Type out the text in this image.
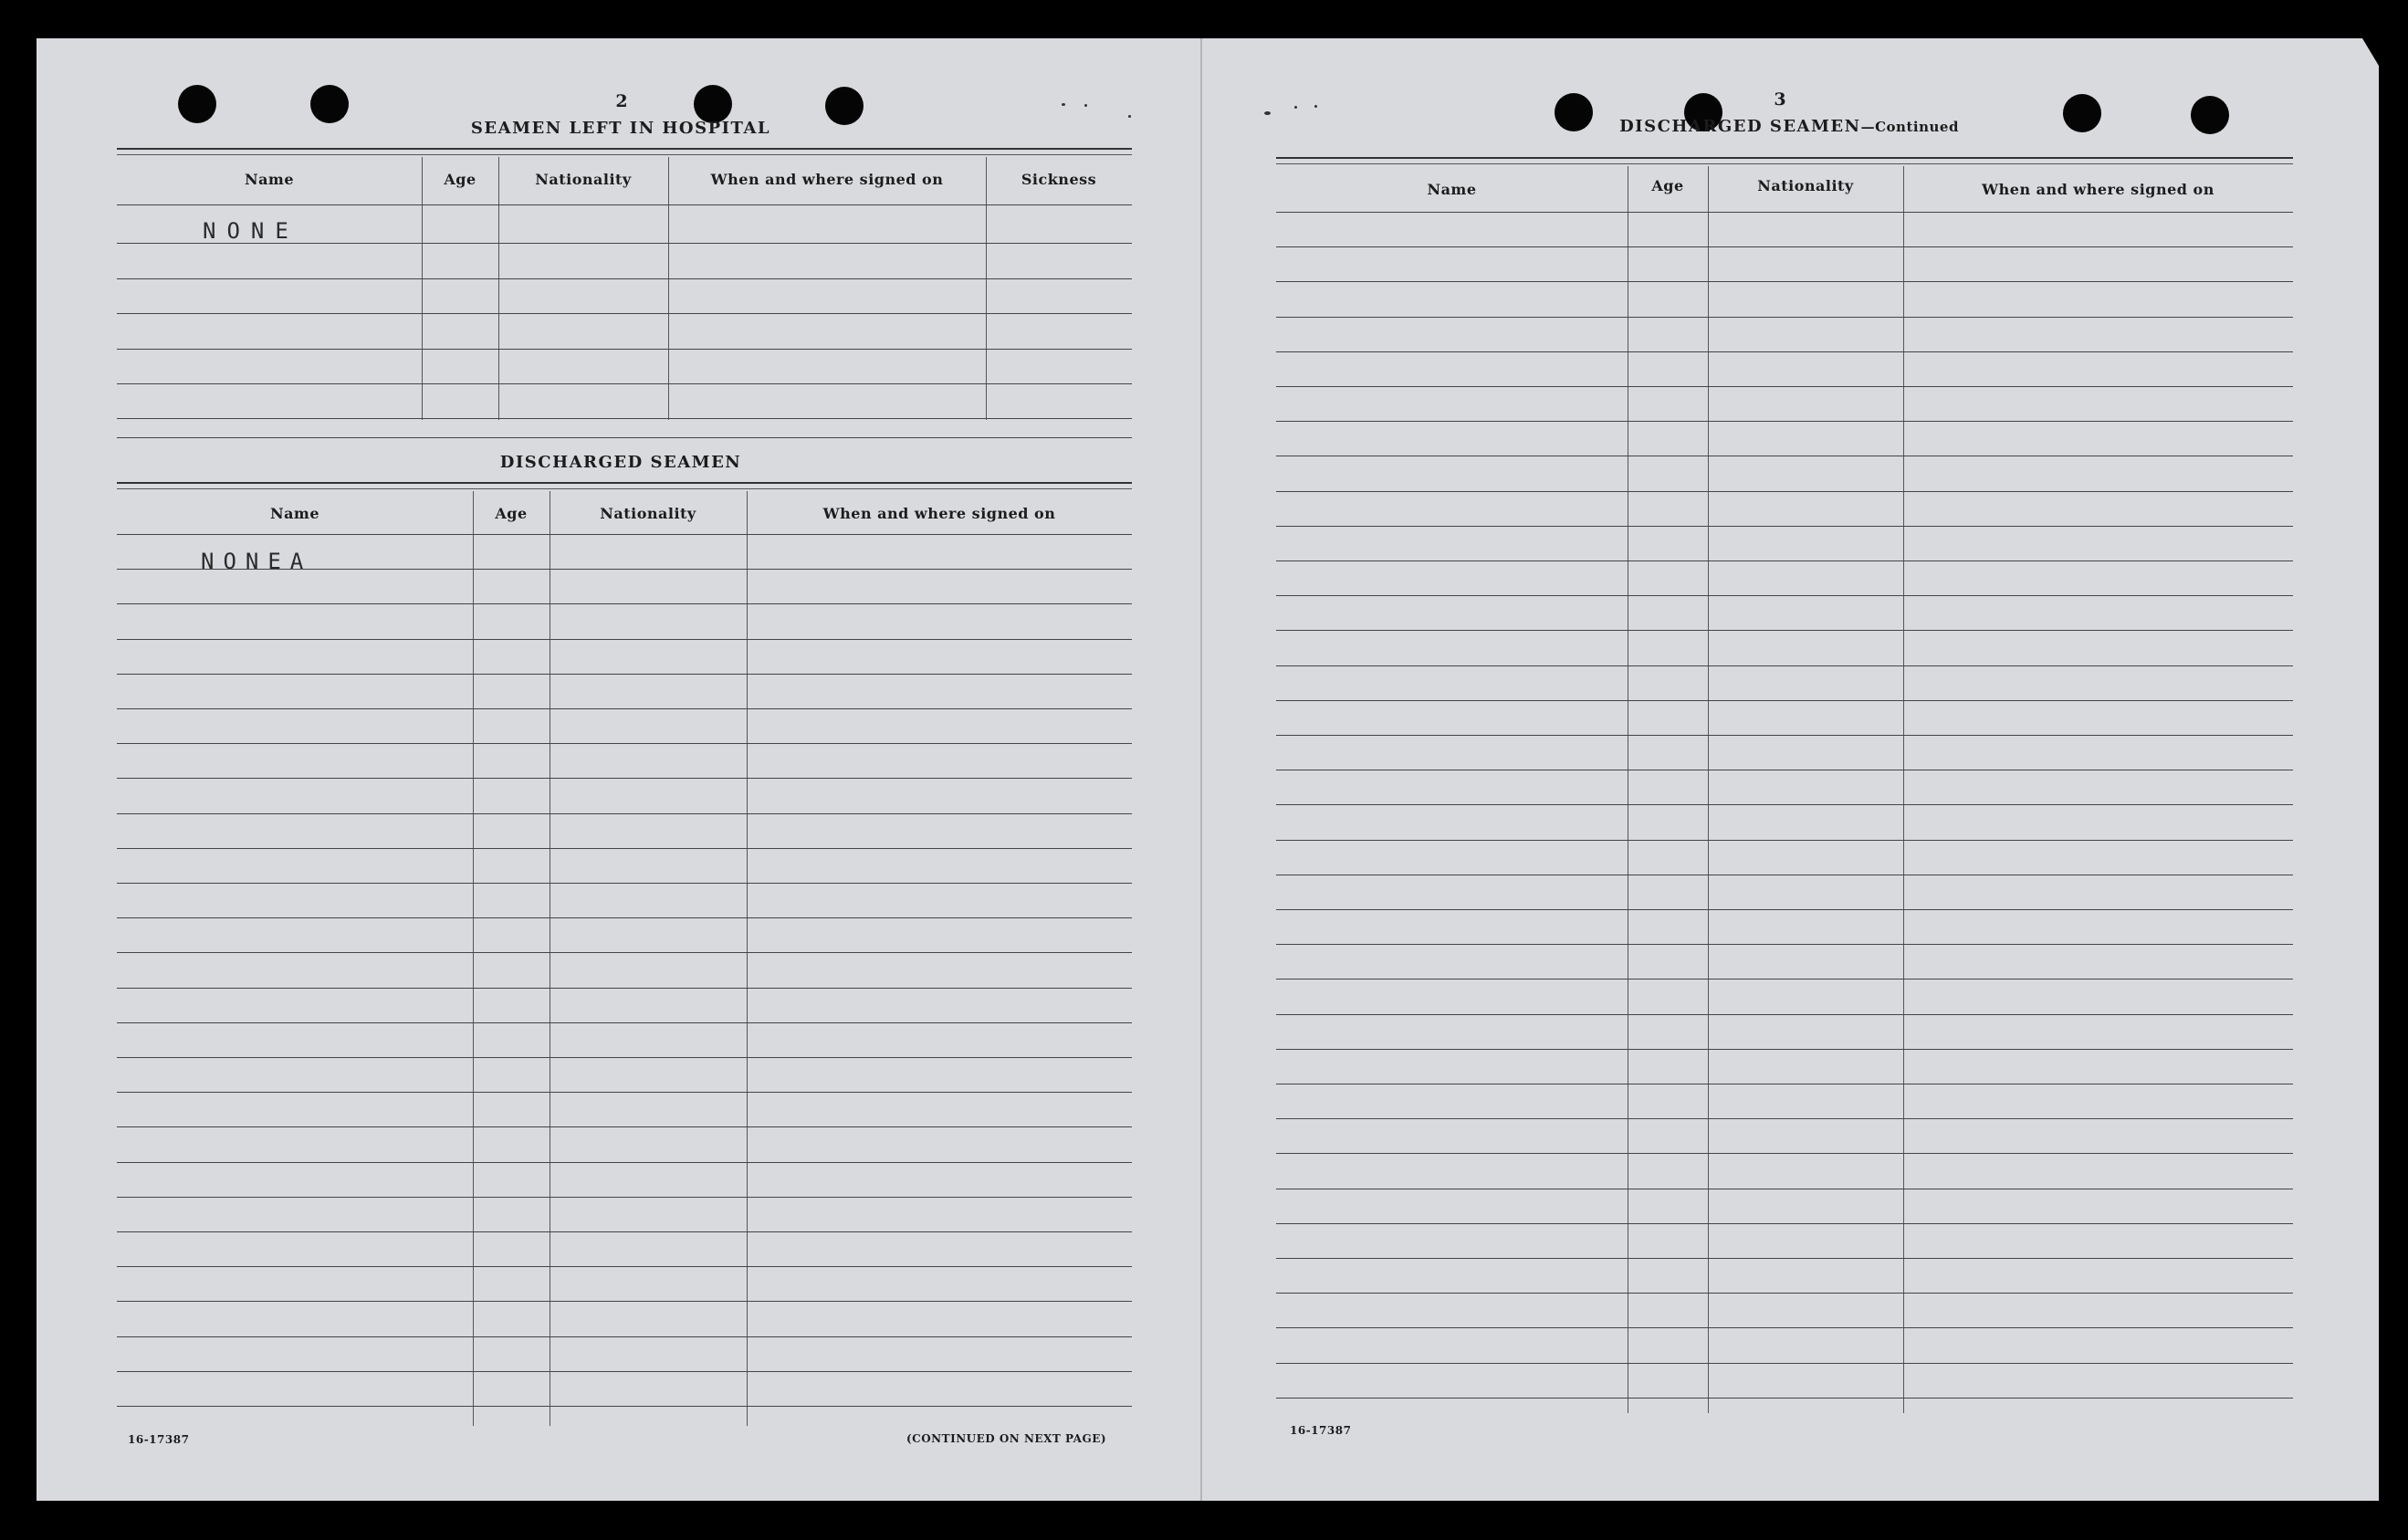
2
SEAMEN LEFT IN HOSPITAL
Name	Age	Nationality	When and where signed on	Sickness
NONE
DISCHARGED SEAMEN
Name	Age	Nationality	When and where signed on
NONEA
16-17387	(CONTINUED ON NEXT PAGE)
3
DISCHARGED SEAMEN—Continued
Name	Age	Nationality	When and where signed on
16-17387
